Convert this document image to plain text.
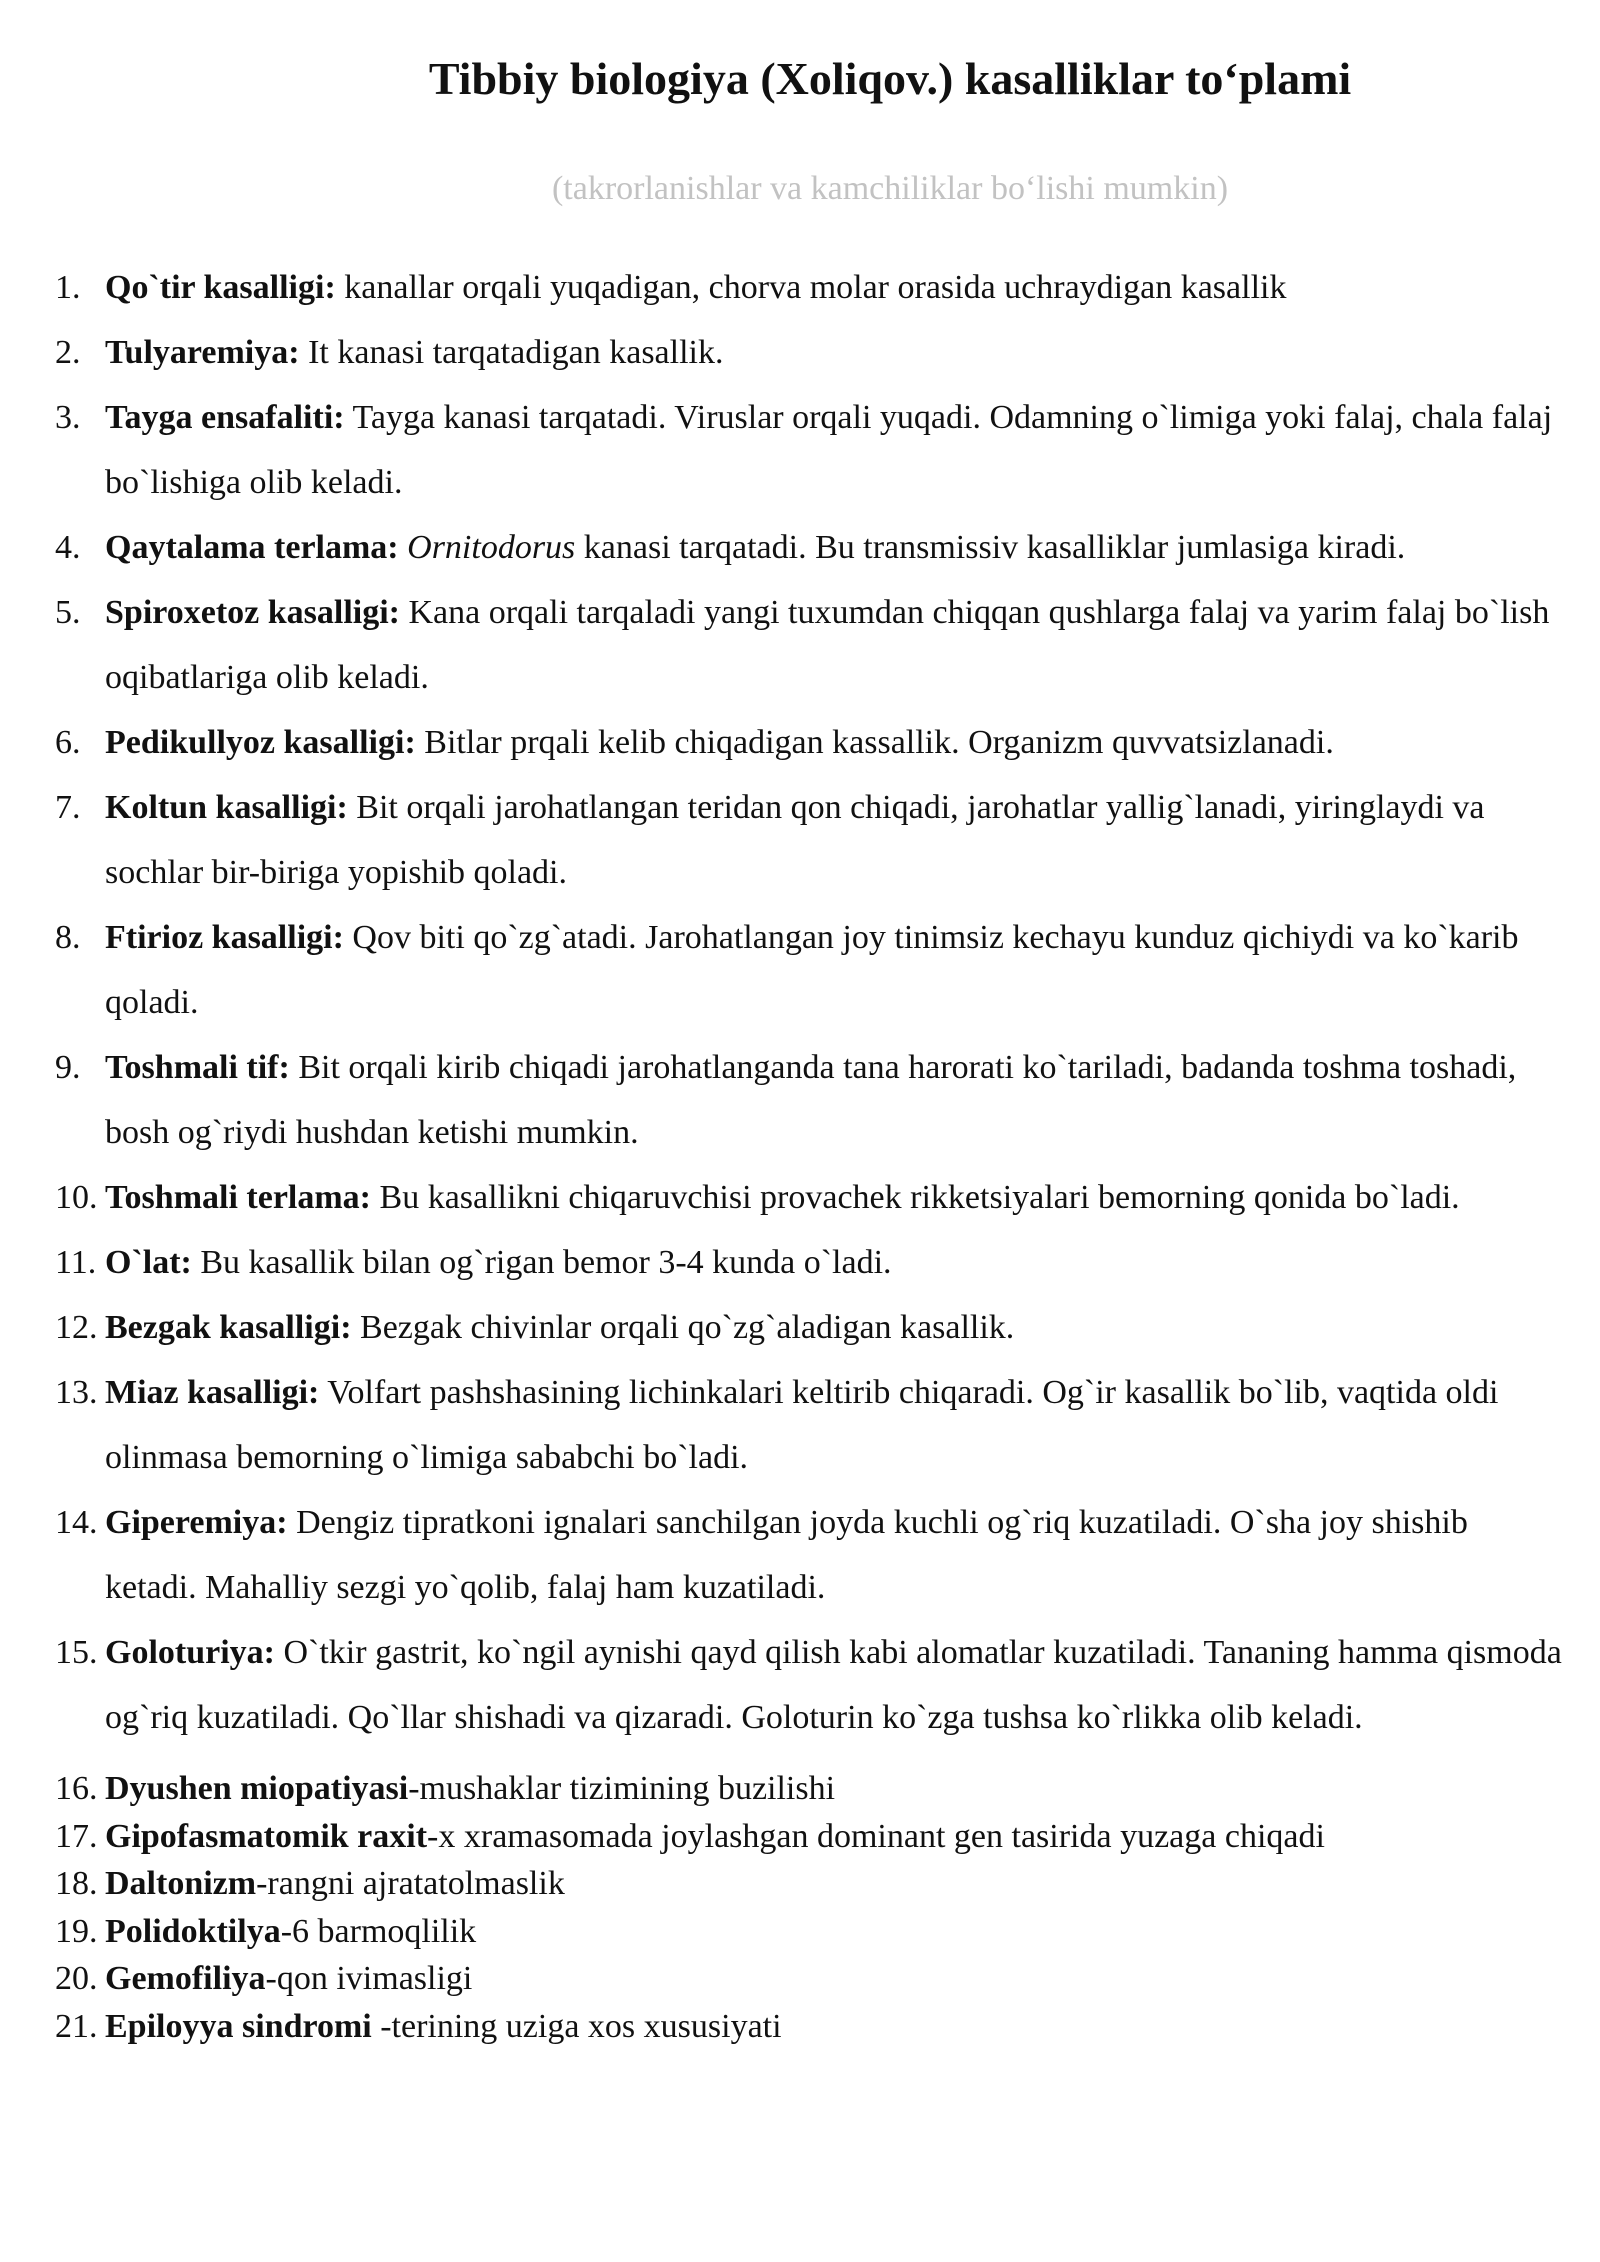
Tibbiy biologiya (Xoliqov.) kasalliklar to‘plami
(takrorlanishlar va kamchiliklar bo‘lishi mumkin)
1. Qo`tir kasalligi: kanallar orqali yuqadigan, chorva molar orasida uchraydigan kasallik
2. Tulyaremiya: It kanasi tarqatadigan kasallik.
3. Tayga ensafaliti: Tayga kanasi tarqatadi. Viruslar orqali yuqadi. Odamning o`limiga yoki falaj, chala falaj bo`lishiga olib keladi.
4. Qaytalama terlama: Ornitodorus kanasi tarqatadi. Bu transmissiv kasalliklar jumlasiga kiradi.
5. Spiroxetoz kasalligi: Kana orqali tarqaladi yangi tuxumdan chiqqan qushlarga falaj va yarim falaj bo`lish oqibatlariga olib keladi.
6. Pedikullyoz kasalligi: Bitlar prqali kelib chiqadigan kassallik. Organizm quvvatsizlanadi.
7. Koltun kasalligi: Bit orqali jarohatlangan teridan qon chiqadi, jarohatlar yallig`lanadi, yiringlaydi va sochlar bir-biriga yopishib qoladi.
8. Ftirioz kasalligi: Qov biti qo`zg`atadi. Jarohatlangan joy tinimsiz kechayu kunduz qichiydi va ko`karib qoladi.
9. Toshmali tif: Bit orqali kirib chiqadi jarohatlanganda tana harorati ko`tariladi, badanda toshma toshadi, bosh og`riydi hushdan ketishi mumkin.
10. Toshmali terlama: Bu kasallikni chiqaruvchisi provachek rikketsiyalari bemorning qonida bo`ladi.
11. O`lat: Bu kasallik bilan og`rigan bemor 3-4 kunda o`ladi.
12. Bezgak kasalligi: Bezgak chivinlar orqali qo`zg`aladigan kasallik.
13. Miaz kasalligi: Volfart pashshasining lichinkalari keltirib chiqaradi. Og`ir kasallik bo`lib, vaqtida oldi olinmasa bemorning o`limiga sababchi bo`ladi.
14. Giperemiya: Dengiz tipratkoni ignalari sanchilgan joyda kuchli og`riq kuzatiladi. O`sha joy shishib ketadi. Mahalliy sezgi yo`qolib, falaj ham kuzatiladi.
15. Goloturiya: O`tkir gastrit, ko`ngil aynishi qayd qilish kabi alomatlar kuzatiladi. Tananing hamma qismoda og`riq kuzatiladi. Qo`llar shishadi va qizaradi. Goloturin ko`zga tushsa ko`rlikka olib keladi.
16. Dyushen miopatiyasi-mushaklar tizimining buzilishi
17. Gipofasmatomik raxit-x xramasomada joylashgan dominant gen tasirida yuzaga chiqadi
18. Daltonizm-rangni ajratatolmaslik
19. Polidoktilya-6 barmoqlilik
20. Gemofiliya-qon ivimasligi
21. Epiloyya sindromi -terining uziga xos xususiyati
